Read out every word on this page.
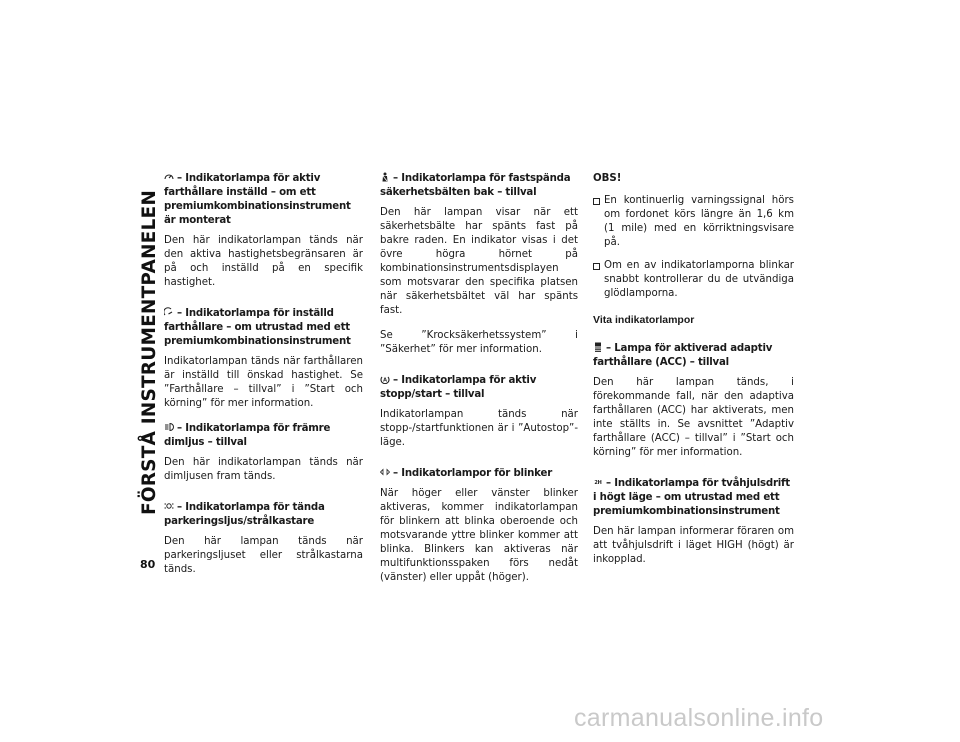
FÖRSTÅ INSTRUMENTPANELEN
80
– Indikatorlampa för aktiv farthållare inställd – om ett premiumkombinationsinstrument är monterat
Den här indikatorlampan tänds när den aktiva hastighetsbegränsaren är på och inställd på en specifik hastighet.
– Indikatorlampa för inställd farthållare – om utrustad med ett premiumkombinationsinstrument
Indikatorlampan tänds när farthållaren är inställd till önskad hastighet. Se ”Farthållare – tillval” i ”Start och körning” för mer information.
– Indikatorlampa för främre dimljus – tillval
Den här indikatorlampan tänds när dimljusen fram tänds.
– Indikatorlampa för tända parkeringsljus/strålkastare
Den här lampan tänds när parkeringsljuset eller strålkastarna tänds.
– Indikatorlampa för fastspända säkerhetsbälten bak – tillval
Den här lampan visar när ett säkerhetsbälte har spänts fast på bakre raden. En indikator visas i det övre högra hörnet på kombinationsinstrumentsdisplayen som motsvarar den specifika platsen när säkerhetsbältet väl har spänts fast.
Se ”Krocksäkerhetssystem” i ”Säkerhet” för mer information.
A – Indikatorlampa för aktiv stopp/start – tillval
Indikatorlampan tänds när stopp-/startfunktionen är i ”Autostop”-läge.
– Indikatorlampor för blinker
När höger eller vänster blinker aktiveras, kommer indikatorlampan för blinkern att blinka oberoende och motsvarande yttre blinker kommer att blinka. Blinkers kan aktiveras när multifunktionsspaken förs nedåt (vänster) eller uppåt (höger).
OBS!
En kontinuerlig varningssignal hörs om fordonet körs längre än 1,6 km (1 mile) med en körriktningsvisare på.
Om en av indikatorlamporna blinkar snabbt kontrollerar du de utvändiga glödlamporna.
Vita indikatorlampor
– Lampa för aktiverad adaptiv farthållare (ACC) – tillval
Den här lampan tänds, i förekommande fall, när den adaptiva farthållaren (ACC) har aktiverats, men inte ställts in. Se avsnittet ”Adaptiv farthållare (ACC) – tillval” i ”Start och körning” för mer information.
2H – Indikatorlampa för tvåhjulsdrift i högt läge – om utrustad med ett premiumkombinationsinstrument
Den här lampan informerar föraren om att tvåhjulsdrift i läget HIGH (högt) är inkopplad.
carmanualsonline.info
